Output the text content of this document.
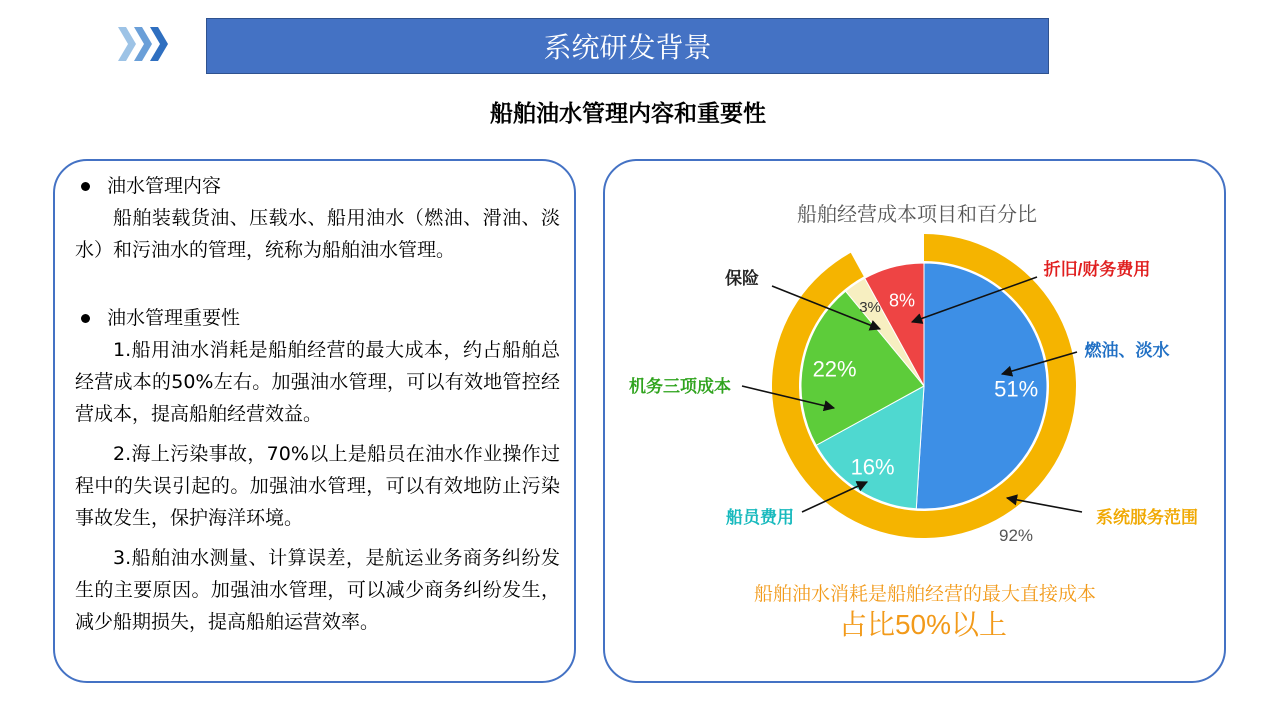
系统研发背景
船舶油水管理内容和重要性
油水管理内容

船舶装载货油、压载水、船用油水（燃油、滑油、淡水）和污油水的管理，统称为船舶油水管理。

油水管理重要性

1.船用油水消耗是船舶经营的最大成本，约占船舶总经营成本的50%左右。加强油水管理，可以有效地管控经营成本，提高船舶经营效益。

2.海上污染事故，70%以上是船员在油水作业操作过程中的失误引起的。加强油水管理，可以有效地防止污染事故发生，保护海洋环境。

3.船舶油水测量、计算误差，是航运业务商务纠纷发生的主要原因。加强油水管理，可以减少商务纠纷发生，减少船期损失，提高船舶运营效率。

船舶经营成本项目和百分比
51%
16%
22%
3% 8%
燃油、淡水
船员费用
机务三项成本
保险	折旧/财务费用
系统服务范围
92%
船舶油水消耗是船舶经营的最大直接成本
占比50%以上
